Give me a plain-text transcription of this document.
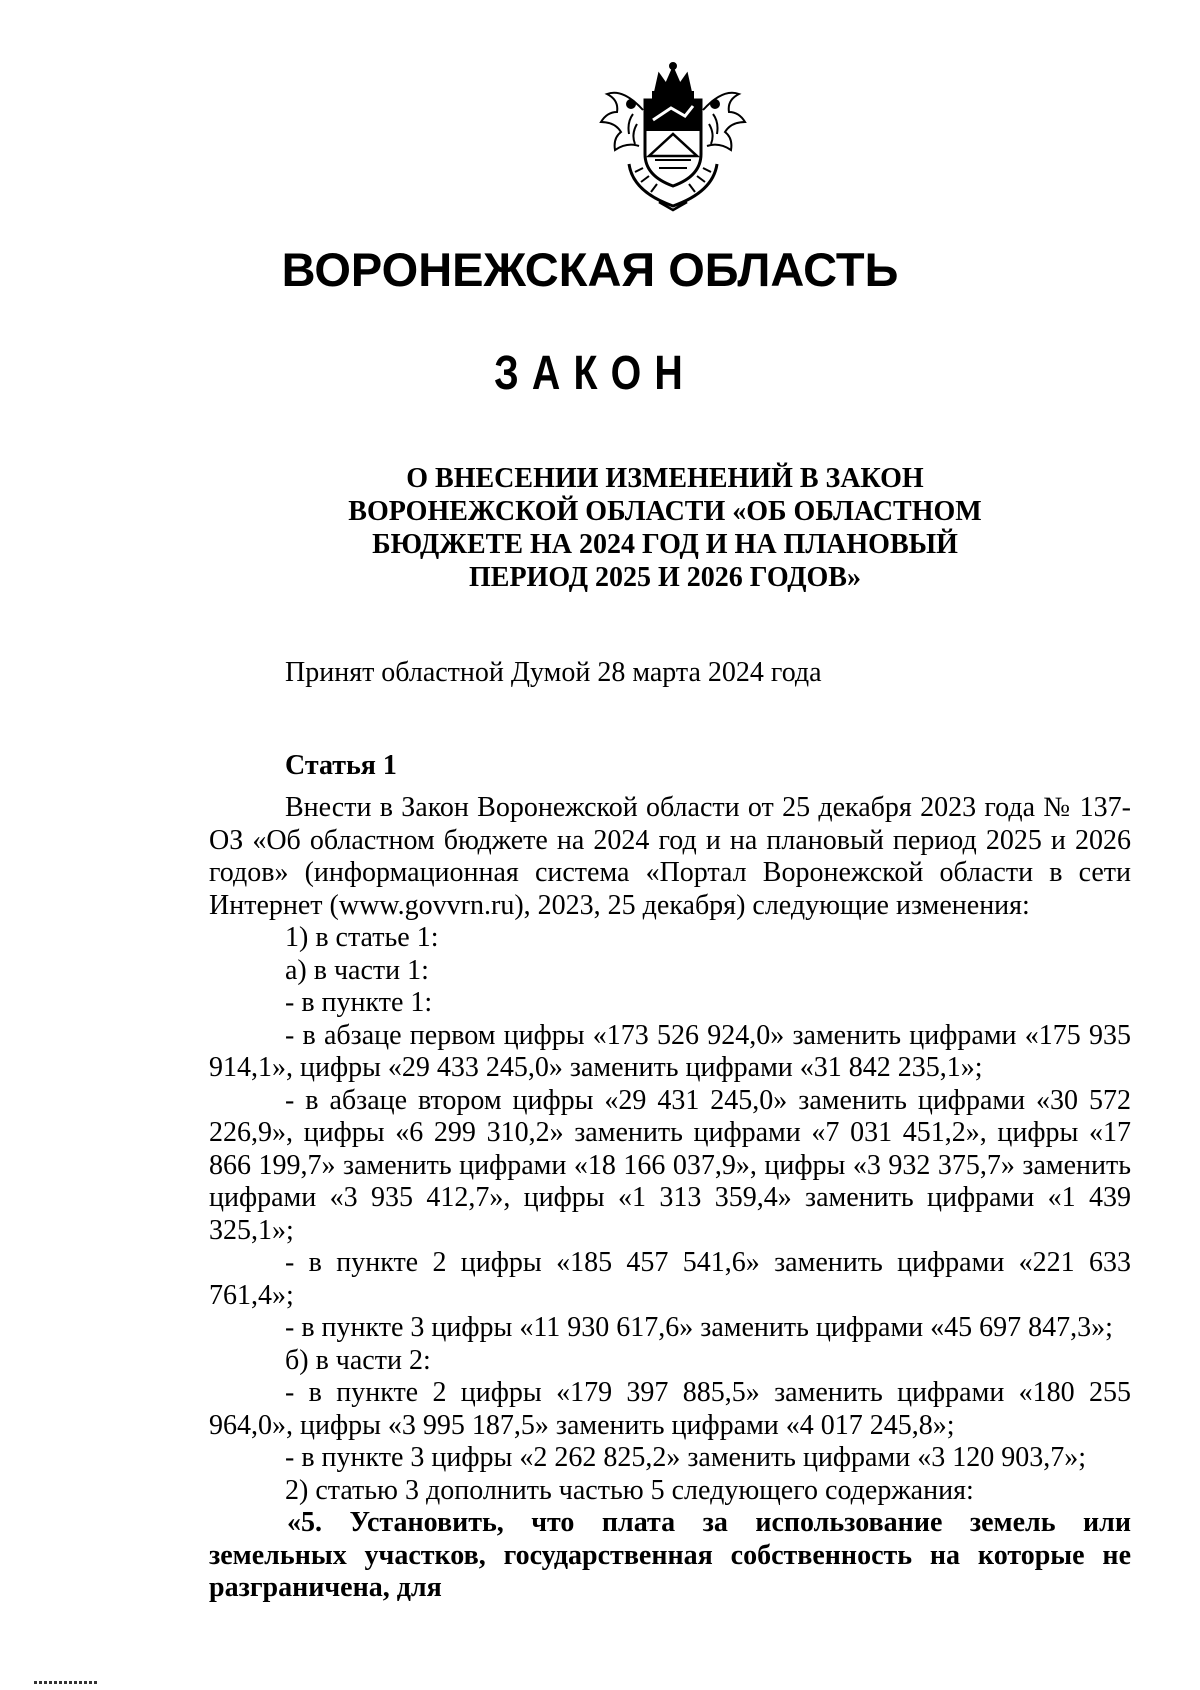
ВОРОНЕЖСКАЯ ОБЛАСТЬ
ЗАКОН
О ВНЕСЕНИИ ИЗМЕНЕНИЙ В ЗАКОН
ВОРОНЕЖСКОЙ ОБЛАСТИ «ОБ ОБЛАСТНОМ
БЮДЖЕТЕ НА 2024 ГОД И НА ПЛАНОВЫЙ
ПЕРИОД 2025 И 2026 ГОДОВ»
Принят областной Думой 28 марта 2024 года
Статья 1

Внести в Закон Воронежской области от 25 декабря 2023 года № 137-ОЗ «Об областном бюджете на 2024 год и на плановый период 2025 и 2026 годов» (информационная система «Портал Воронежской области в сети Интернет (www.govvrn.ru), 2023, 25 декабря) следующие изменения:

1) в статье 1:

а) в части 1:

- в пункте 1:

- в абзаце первом цифры «173 526 924,0» заменить цифрами «175 935 914,1», цифры «29 433 245,0» заменить цифрами «31 842 235,1»;

- в абзаце втором цифры «29 431 245,0» заменить цифрами «30 572 226,9», цифры «6 299 310,2» заменить цифрами «7 031 451,2», цифры «17 866 199,7» заменить цифрами «18 166 037,9», цифры «3 932 375,7» заменить цифрами «3 935 412,7», цифры «1 313 359,4» заменить цифрами «1 439 325,1»;

- в пункте 2 цифры «185 457 541,6» заменить цифрами «221 633 761,4»;

- в пункте 3 цифры «11 930 617,6» заменить цифрами «45 697 847,3»;

б) в части 2:

- в пункте 2 цифры «179 397 885,5» заменить цифрами «180 255 964,0», цифры «3 995 187,5» заменить цифрами «4 017 245,8»;

- в пункте 3 цифры «2 262 825,2» заменить цифрами «3 120 903,7»;

2) статью 3 дополнить частью 5 следующего содержания:

«5. Установить, что плата за использование земель или земельных участков, государственная собственность на которые не разграничена, для
